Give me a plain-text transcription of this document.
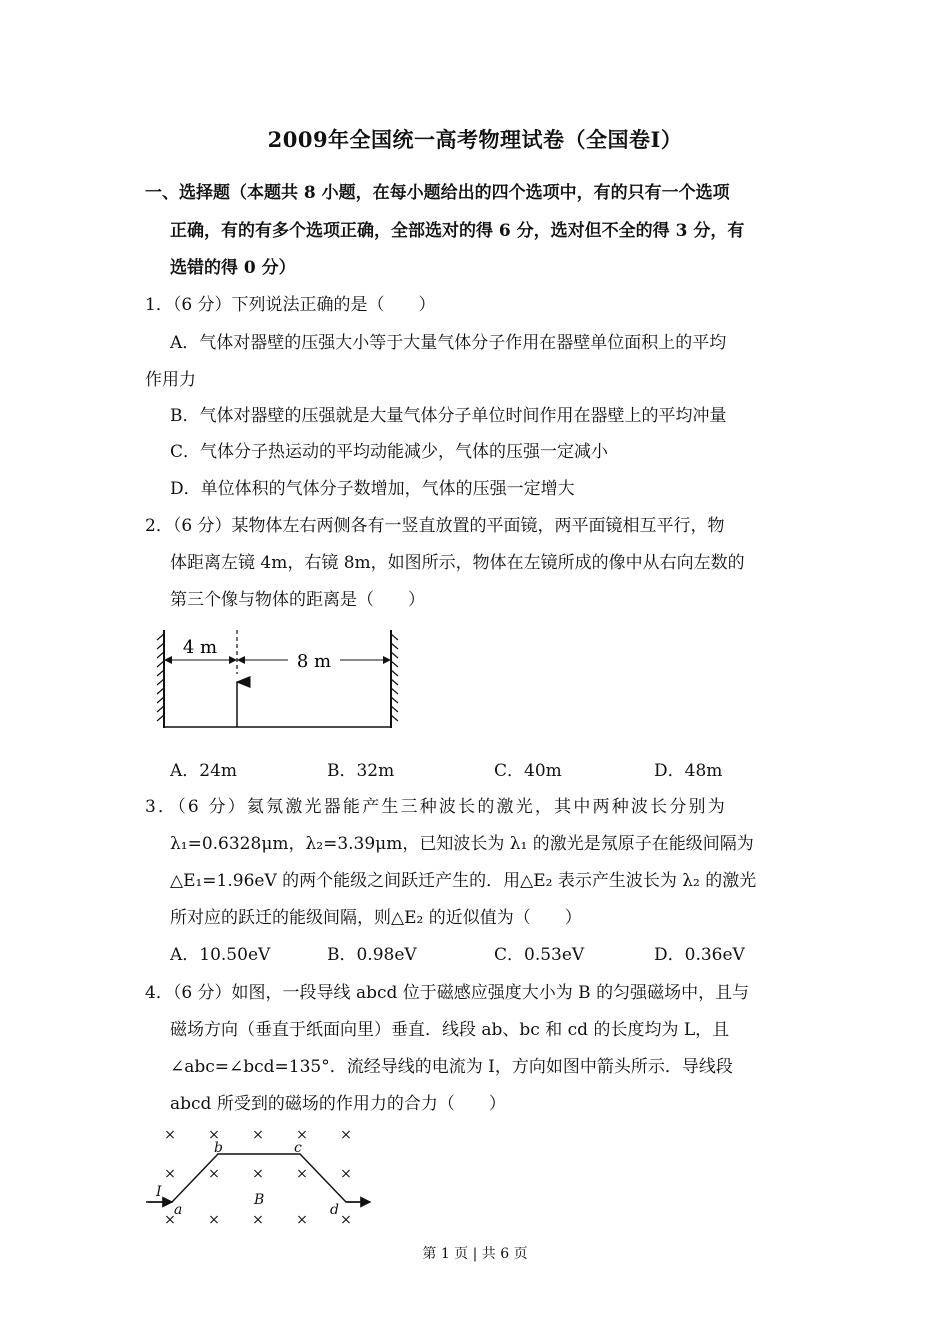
2009年全国统一高考物理试卷（全国卷Ⅰ）
一、选择题（本题共 8 小题，在每小题给出的四个选项中，有的只有一个选项
正确，有的有多个选项正确，全部选对的得 6 分，选对但不全的得 3 分，有
选错的得 0 分）
1．（6 分）下列说法正确的是（　　）
A．气体对器壁的压强大小等于大量气体分子作用在器壁单位面积上的平均
作用力
B．气体对器壁的压强就是大量气体分子单位时间作用在器壁上的平均冲量
C．气体分子热运动的平均动能减少，气体的压强一定减小
D．单位体积的气体分子数增加，气体的压强一定增大
2．（6 分）某物体左右两侧各有一竖直放置的平面镜，两平面镜相互平行，物
体距离左镜 4m，右镜 8m，如图所示，物体在左镜所成的像中从右向左数的
第三个像与物体的距离是（　　）
4 m
8 m
A．24m	B．32m	C．40m	D．48m
3．（6 分）氦氖激光器能产生三种波长的激光，其中两种波长分别为
λ₁=0.6328μm，λ₂=3.39μm，已知波长为 λ₁ 的激光是氖原子在能级间隔为
△E₁=1.96eV 的两个能级之间跃迁产生的．用△E₂ 表示产生波长为 λ₂ 的激光
所对应的跃迁的能级间隔，则△E₂ 的近似值为（　　）
A．10.50eV	B．0.98eV	C．0.53eV	D．0.36eV
4．（6 分）如图，一段导线 abcd 位于磁感应强度大小为 B 的匀强磁场中，且与
磁场方向（垂直于纸面向里）垂直．线段 ab、bc 和 cd 的长度均为 L，且
∠abc=∠bcd=135°．流经导线的电流为 I，方向如图中箭头所示．导线段
abcd 所受到的磁场的作用力的合力（　　）
× × × × ×
× × × × ×
× × × × ×
I
a
b	c
d
B
第 1 页 | 共 6 页
